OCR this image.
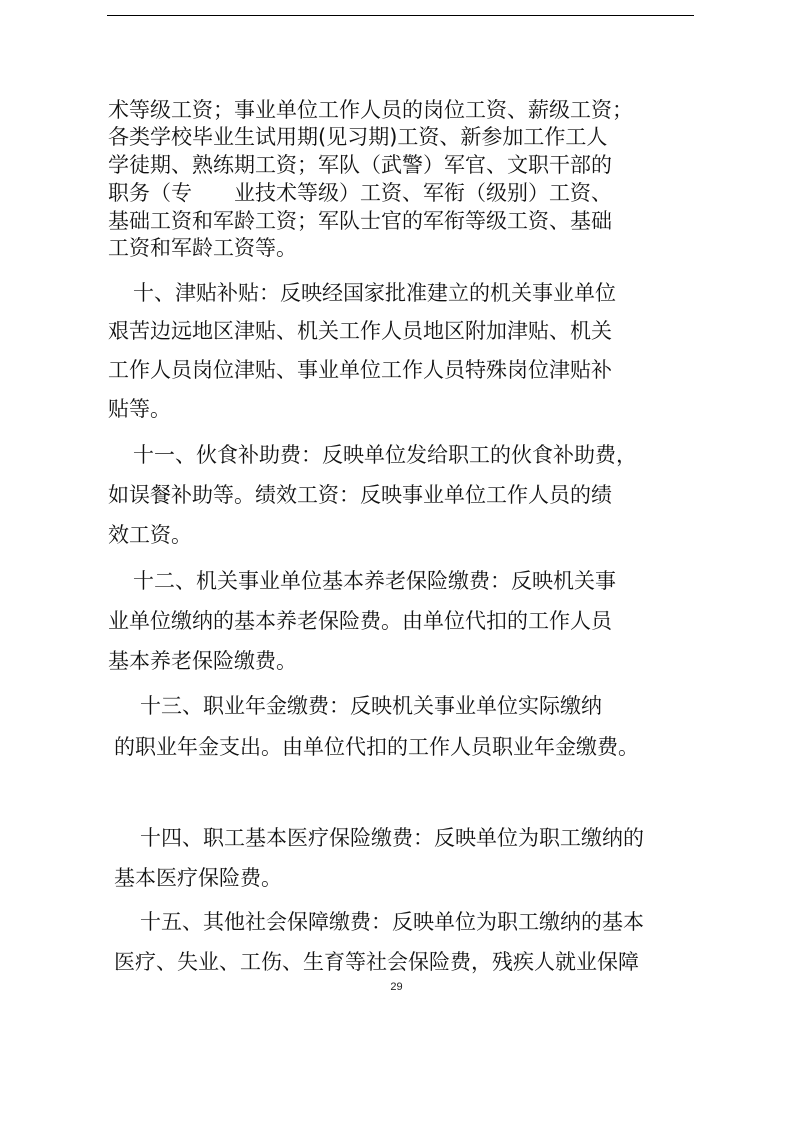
术等级工资；事业单位工作人员的岗位工资、薪级工资；
各类学校毕业生试用期(见习期)工资、新参加工作工人
学徒期、熟练期工资；军队（武警）军官、文职干部的
职务（专　　业技术等级）工资、军衔（级别）工资、
基础工资和军龄工资；军队士官的军衔等级工资、基础
工资和军龄工资等。
十、津贴补贴：反映经国家批准建立的机关事业单位
艰苦边远地区津贴、机关工作人员地区附加津贴、机关
工作人员岗位津贴、事业单位工作人员特殊岗位津贴补
贴等。
十一、伙食补助费：反映单位发给职工的伙食补助费，
如误餐补助等。绩效工资：反映事业单位工作人员的绩
效工资。
十二、机关事业单位基本养老保险缴费：反映机关事
业单位缴纳的基本养老保险费。由单位代扣的工作人员
基本养老保险缴费。
十三、职业年金缴费：反映机关事业单位实际缴纳
的职业年金支出。由单位代扣的工作人员职业年金缴费。
十四、职工基本医疗保险缴费：反映单位为职工缴纳的
基本医疗保险费。
十五、其他社会保障缴费：反映单位为职工缴纳的基本
医疗、失业、工伤、生育等社会保险费，残疾人就业保障
29
